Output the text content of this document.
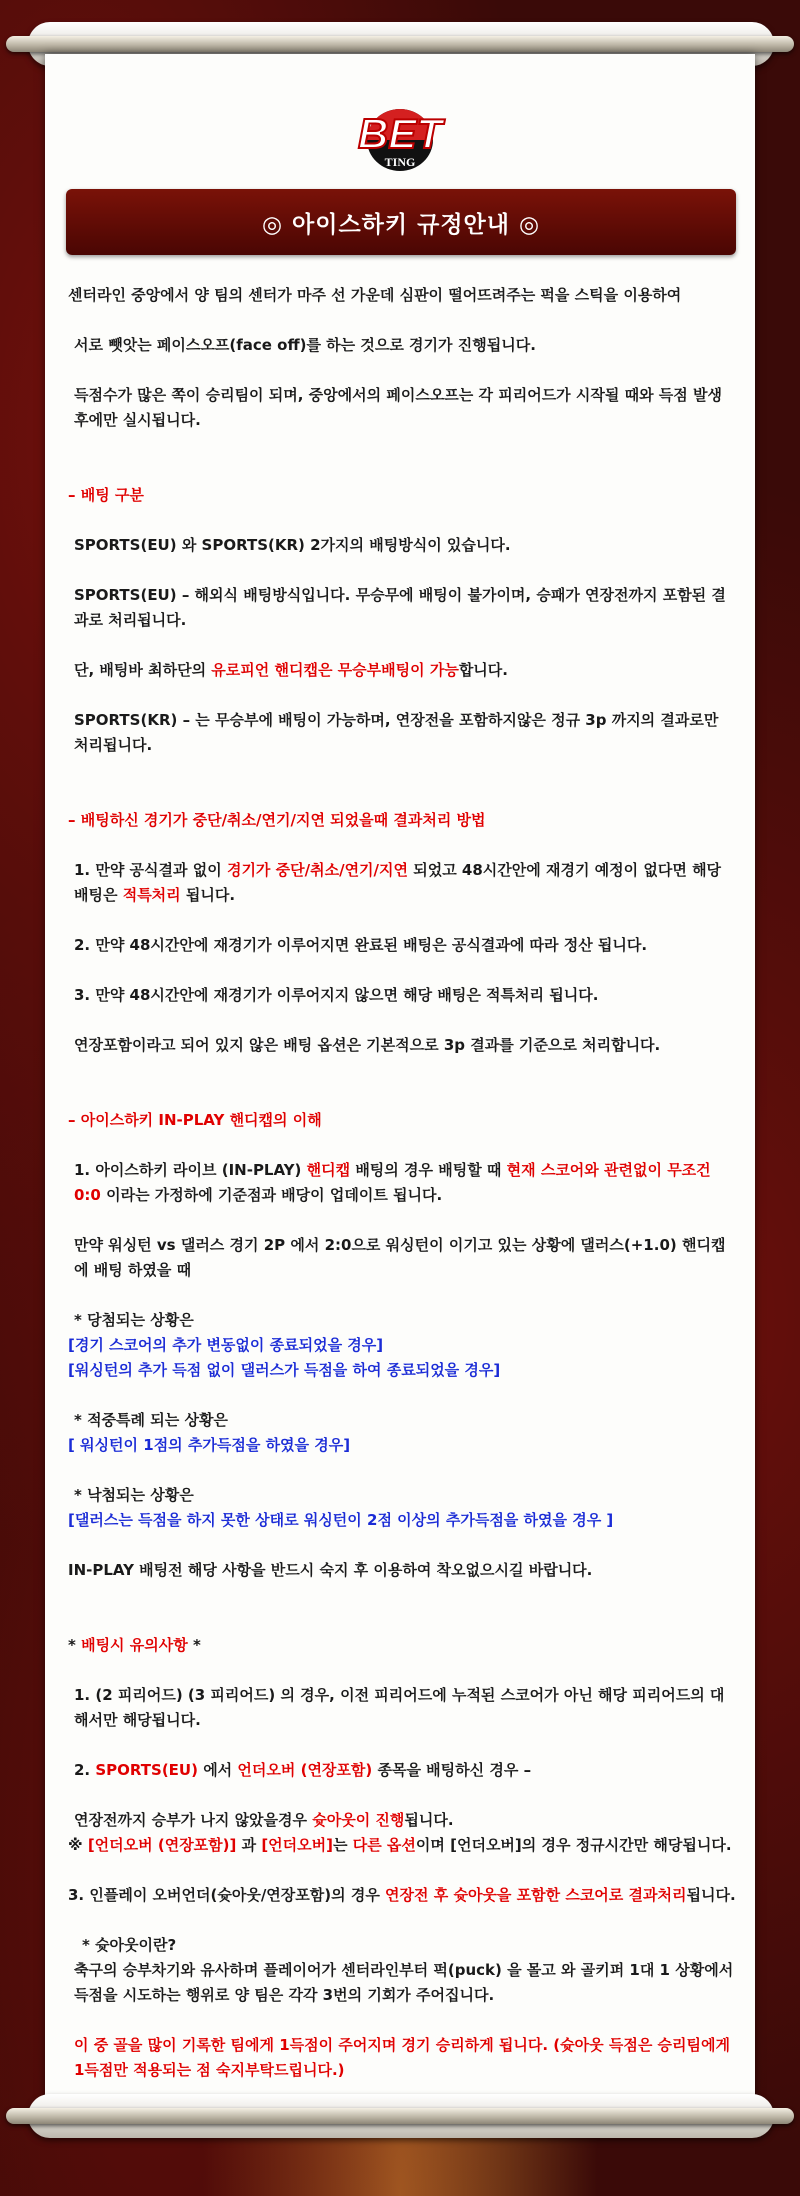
BET
TING
◎ 아이스하키 규정안내 ◎

센터라인 중앙에서 양 팀의 센터가 마주 선 가운데 심판이 떨어뜨려주는 퍽을 스틱을 이용하여

서로 뺏앗는 페이스오프(face off)를 하는 것으로 경기가 진행됩니다.

득점수가 많은 쪽이 승리팀이 되며, 중앙에서의 페이스오프는 각 피리어드가 시작될 때와 득점 발생 후에만 실시됩니다.

– 배팅 구분

SPORTS(EU) 와 SPORTS(KR) 2가지의 배팅방식이 있습니다.

SPORTS(EU) – 해외식 배팅방식입니다. 무승무에 배팅이 불가이며, 승패가 연장전까지 포함된 결과로 처리됩니다.

단, 배팅바 최하단의 유로피언 핸디캡은 무승부배팅이 가능합니다.

SPORTS(KR) – 는 무승부에 배팅이 가능하며, 연장전을 포함하지않은 정규 3p 까지의 결과로만 처리됩니다.

– 배팅하신 경기가 중단/취소/연기/지연 되었을때 결과처리 방법

1. 만약 공식결과 없이 경기가 중단/취소/연기/지연 되었고 48시간안에 재경기 예정이 없다면 해당 배팅은 적특처리 됩니다.

2. 만약 48시간안에 재경기가 이루어지면 완료된 배팅은 공식결과에 따라 정산 됩니다.

3. 만약 48시간안에 재경기가 이루어지지 않으면 해당 배팅은 적특처리 됩니다.

연장포함이라고 되어 있지 않은 배팅 옵션은 기본적으로 3p 결과를 기준으로 처리합니다.

– 아이스하키 IN-PLAY 핸디캡의 이해

1. 아이스하키 라이브 (IN-PLAY) 핸디캡 배팅의 경우 배팅할 때 현재 스코어와 관련없이 무조건 0:0 이라는 가정하에 기준점과 배당이 업데이트 됩니다.

만약 워싱턴 vs 댈러스 경기 2P 에서 2:0으로 워싱턴이 이기고 있는 상황에 댈러스(+1.0) 핸디캡에 배팅 하였을 때

* 당첨되는 상황은

[경기 스코어의 추가 변동없이 종료되었을 경우]

[워싱턴의 추가 득점 없이 댈러스가 득점을 하여 종료되었을 경우]

* 적중특례 되는 상황은

[ 워싱턴이 1점의 추가득점을 하였을 경우]

* 낙첨되는 상황은

[댈러스는 득점을 하지 못한 상태로 워싱턴이 2점 이상의 추가득점을 하였을 경우 ]

IN-PLAY 배팅전 해당 사항을 반드시 숙지 후 이용하여 착오없으시길 바랍니다.

* 배팅시 유의사항 *

1. (2 피리어드) (3 피리어드) 의 경우, 이전 피리어드에 누적된 스코어가 아닌 해당 피리어드의 대해서만 해당됩니다.

2. SPORTS(EU) 에서 언더오버 (연장포함) 종목을 배팅하신 경우 –

연장전까지 승부가 나지 않았을경우 슛아웃이 진행됩니다.

※ [언더오버 (연장포함)] 과 [언더오버]는 다른 옵션이며 [언더오버]의 경우 정규시간만 해당됩니다.

3. 인플레이 오버언더(슛아웃/연장포함)의 경우 연장전 후 슛아웃을 포함한 스코어로 결과처리됩니다.

* 슛아웃이란?

축구의 승부차기와 유사하며 플레이어가 센터라인부터 퍽(puck) 을 몰고 와 골키퍼 1대 1 상황에서 득점을 시도하는 행위로 양 팀은 각각 3번의 기회가 주어집니다.

이 중 골을 많이 기록한 팀에게 1득점이 주어지며 경기 승리하게 됩니다. (슛아웃 득점은 승리팀에게 1득점만 적용되는 점 숙지부탁드립니다.)
